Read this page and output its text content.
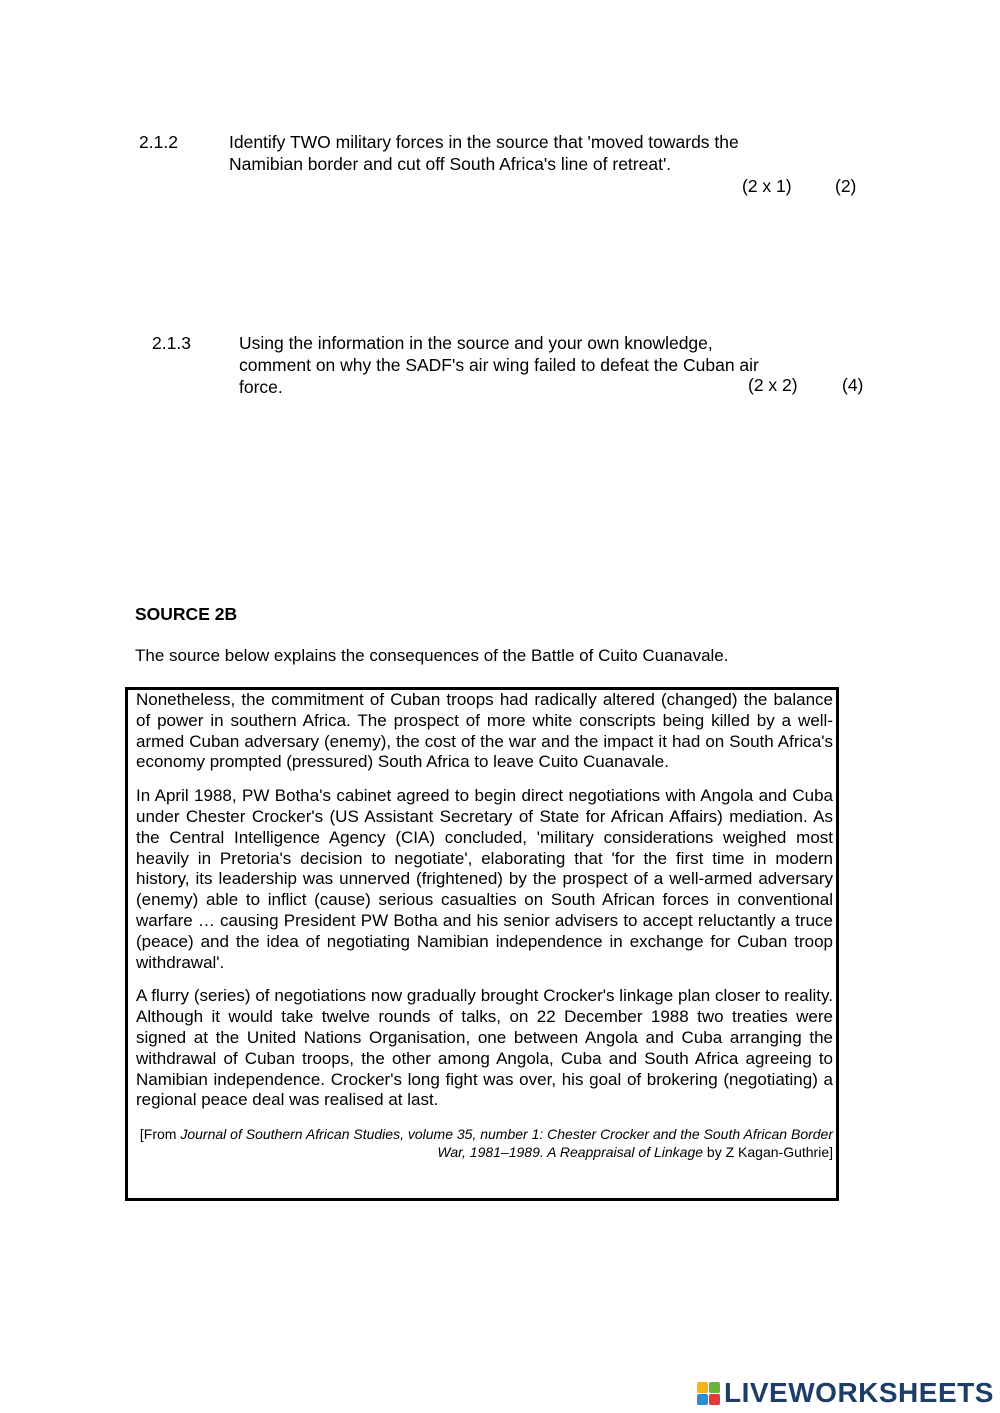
2.1.2	Identify TWO military forces in the source that 'moved towards the
Namibian border and cut off South Africa's line of retreat'.
(2 x 1) (2)
2.1.3	Using the information in the source and your own knowledge,
comment on why the SADF's air wing failed to defeat the Cuban air
force.	(2 x 2)	(4)
SOURCE 2B
The source below explains the consequences of the Battle of Cuito Cuanavale.

Nonetheless, the commitment of Cuban troops had radically altered (changed) the balance of power in southern Africa. The prospect of more white conscripts being killed by a well-armed Cuban adversary (enemy), the cost of the war and the impact it had on South Africa's economy prompted (pressured) South Africa to leave Cuito Cuanavale.

In April 1988, PW Botha's cabinet agreed to begin direct negotiations with Angola and Cuba under Chester Crocker's (US Assistant Secretary of State for African Affairs) mediation. As the Central Intelligence Agency (CIA) concluded, 'military considerations weighed most heavily in Pretoria's decision to negotiate', elaborating that 'for the first time in modern history, its leadership was unnerved (frightened) by the prospect of a well-armed adversary (enemy) able to inflict (cause) serious casualties on South African forces in conventional warfare … causing President PW Botha and his senior advisers to accept reluctantly a truce (peace) and the idea of negotiating Namibian independence in exchange for Cuban troop withdrawal'.

A flurry (series) of negotiations now gradually brought Crocker's linkage plan closer to reality. Although it would take twelve rounds of talks, on 22 December 1988 two treaties were signed at the United Nations Organisation, one between Angola and Cuba arranging the withdrawal of Cuban troops, the other among Angola, Cuba and South Africa agreeing to Namibian independence. Crocker's long fight was over, his goal of brokering (negotiating) a regional peace deal was realised at last.

[From Journal of Southern African Studies, volume 35, number 1: Chester Crocker and the South African Border War, 1981–1989. A Reappraisal of Linkage by Z Kagan-Guthrie]
LIVEWORKSHEETS
